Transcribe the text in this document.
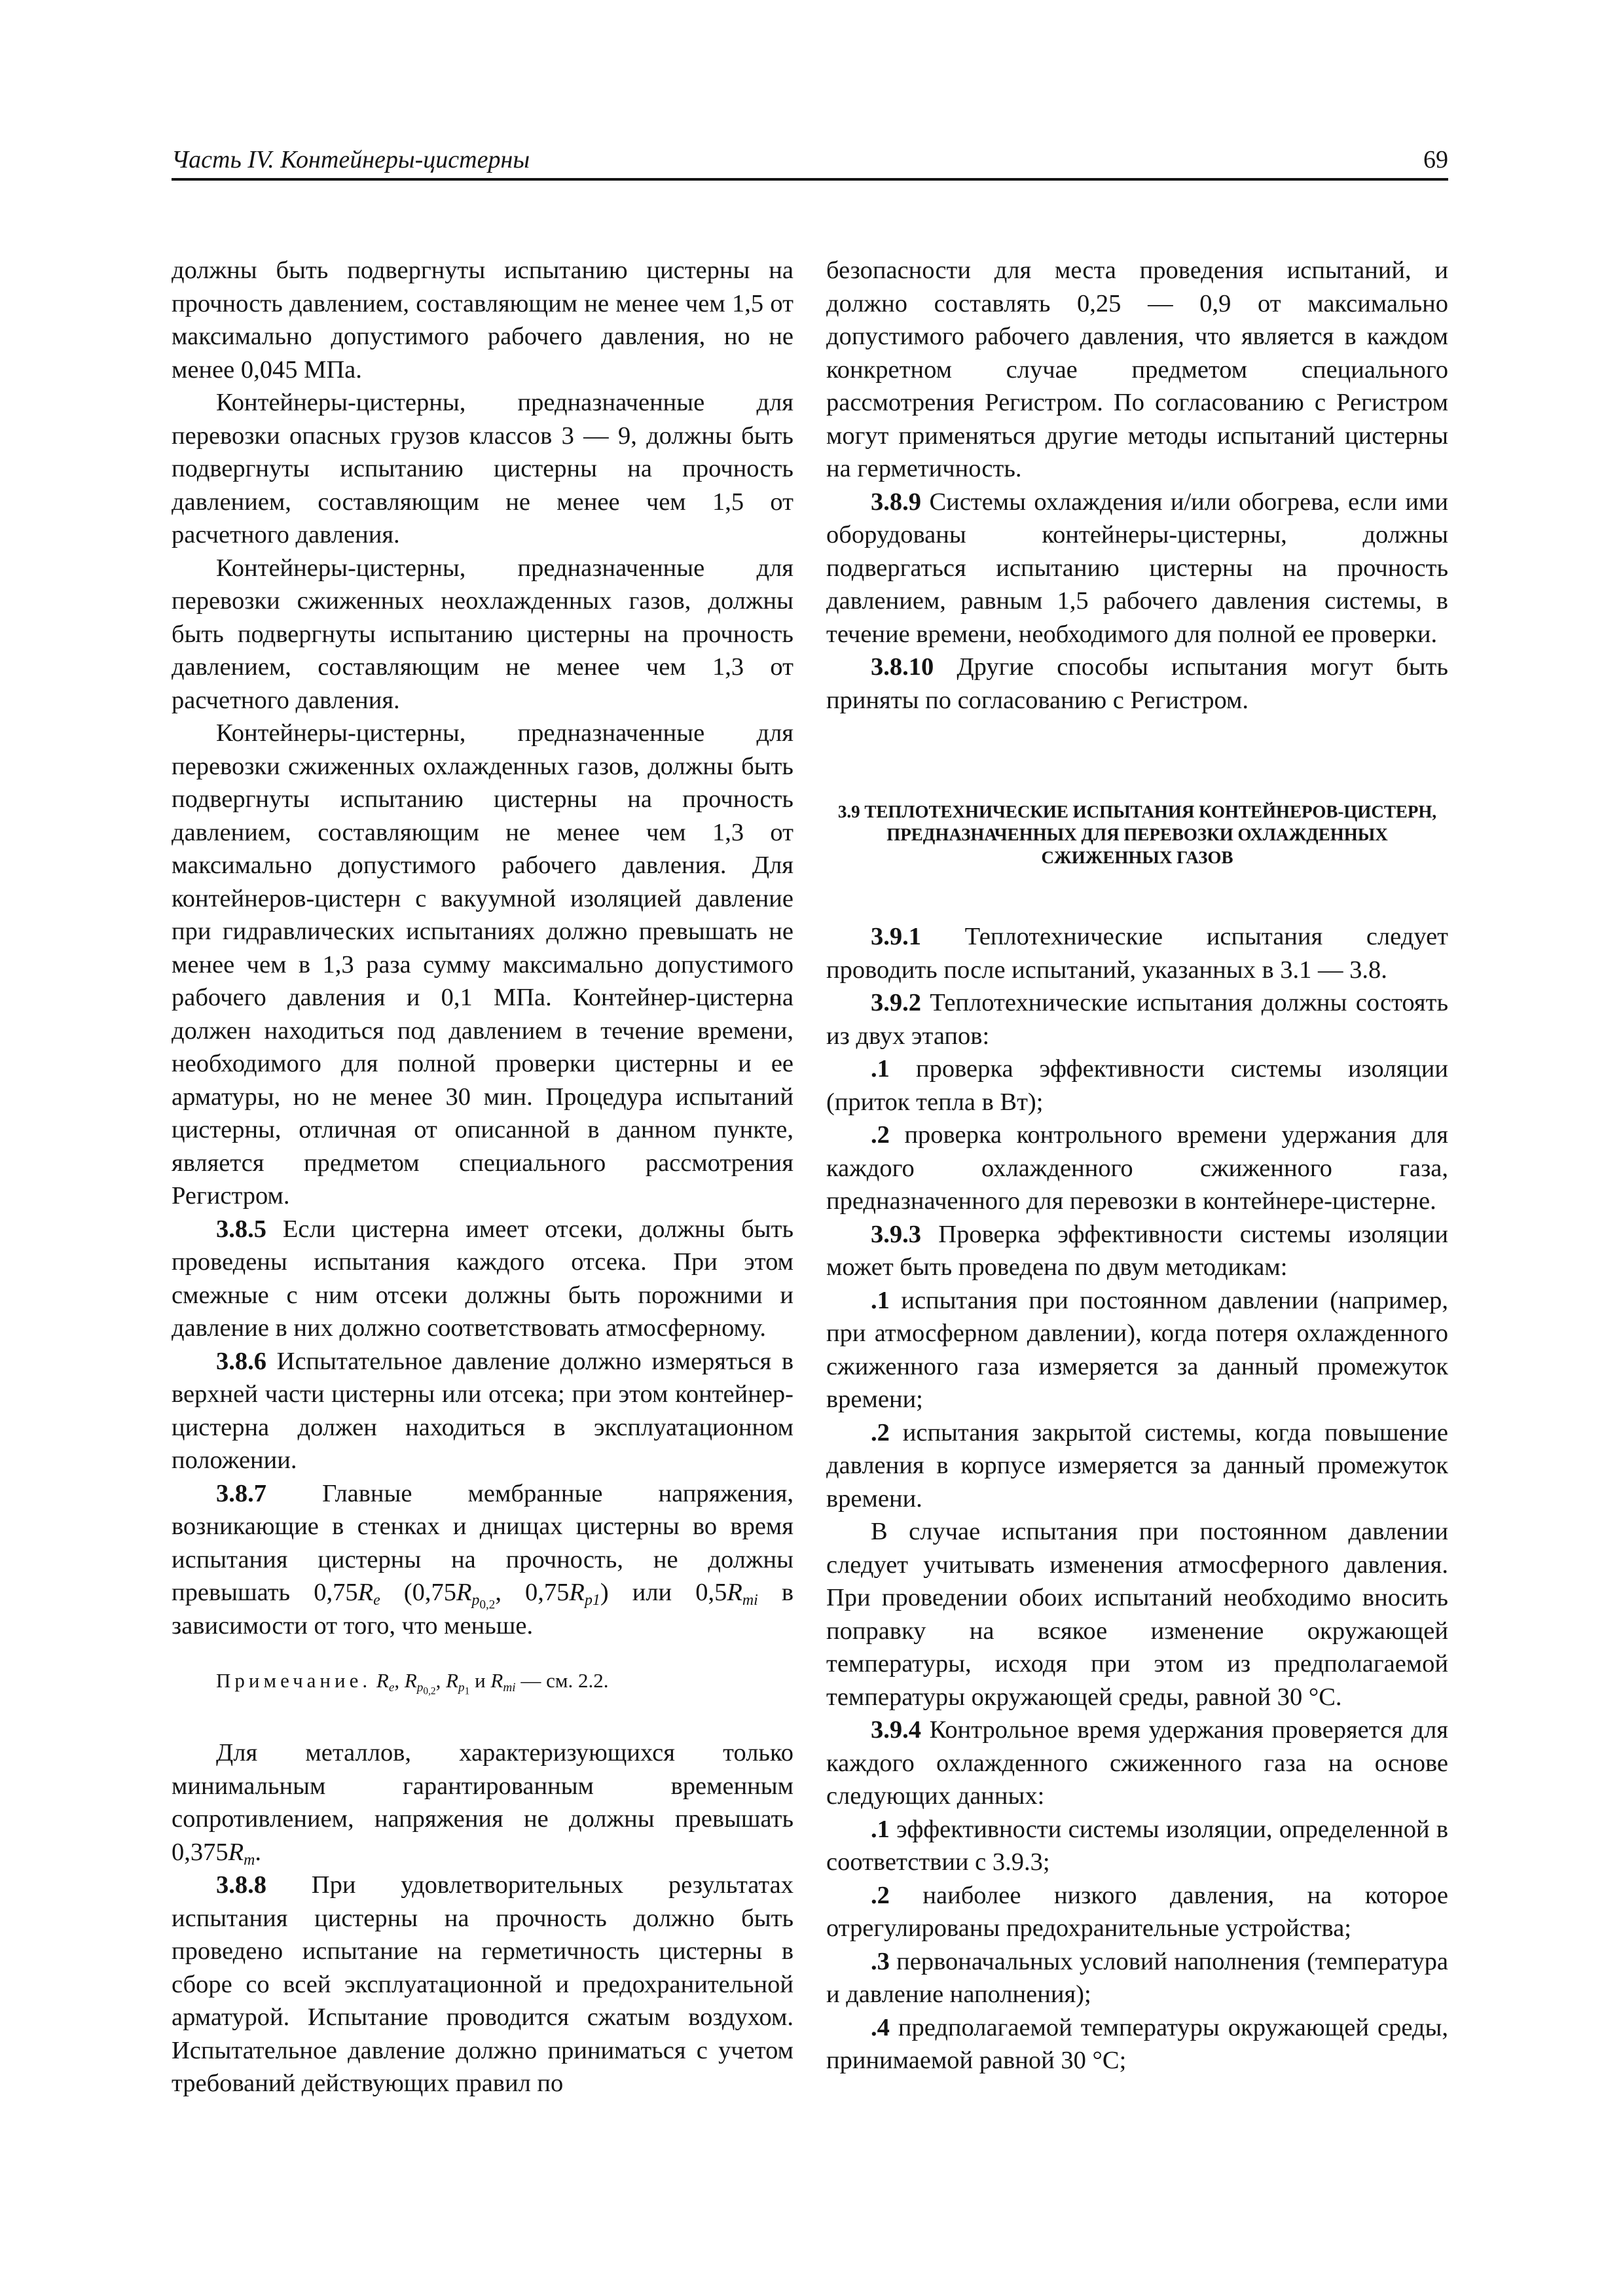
Часть IV. Контейнеры-цистерны	69

должны быть подвергнуты испытанию цистерны на прочность давлением, составляющим не менее чем 1,5 от максимально допустимого рабочего давления, но не менее 0,045 МПа.

Контейнеры-цистерны, предназначенные для перевозки опасных грузов классов 3 — 9, должны быть подвергнуты испытанию цистерны на прочность давлением, составляющим не менее чем 1,5 от расчетного давления.

Контейнеры-цистерны, предназначенные для перевозки сжиженных неохлажденных газов, должны быть подвергнуты испытанию цистерны на прочность давлением, составляющим не менее чем 1,3 от расчетного давления.

Контейнеры-цистерны, предназначенные для перевозки сжиженных охлажденных газов, должны быть подвергнуты испытанию цистерны на прочность давлением, составляющим не менее чем 1,3 от максимально допустимого рабочего давления. Для контейнеров-цистерн с вакуумной изоляцией давление при гидравлических испытаниях должно превышать не менее чем в 1,3 раза сумму максимально допустимого рабочего давления и 0,1 МПа. Контейнер-цистерна должен находиться под давлением в течение времени, необходимого для полной проверки цистерны и ее арматуры, но не менее 30 мин. Процедура испытаний цистерны, отличная от описанной в данном пункте, является предметом специального рассмотрения Регистром.

3.8.5 Если цистерна имеет отсеки, должны быть проведены испытания каждого отсека. При этом смежные с ним отсеки должны быть порожними и давление в них должно соответствовать атмосферному.

3.8.6 Испытательное давление должно измеряться в верхней части цистерны или отсека; при этом контейнер-цистерна должен находиться в эксплуатационном положении.

3.8.7 Главные мембранные напряжения, возникающие в стенках и днищах цистерны во время испытания цистерны на прочность, не должны превышать $0,75R_e$ ($0,75R_{p_{0,2}}$, $0,75R_{p1}$) или $0,5R_{mi}$ в зависимости от того, что меньше.

Примечание. $R_e$, $R_{p_{0,2}}$, $R_{p_1}$ и $R_{mi}$ — см. 2.2.

Для металлов, характеризующихся только минимальным гарантированным временным сопротивлением, напряжения не должны превышать $0,375R_m$.

3.8.8 При удовлетворительных результатах испытания цистерны на прочность должно быть проведено испытание на герметичность цистерны в сборе со всей эксплуатационной и предохранительной арматурой. Испытание проводится сжатым воздухом. Испытательное давление должно приниматься с учетом требований действующих правил по

безопасности для места проведения испытаний, и должно составлять 0,25 — 0,9 от максимально допустимого рабочего давления, что является в каждом конкретном случае предметом специального рассмотрения Регистром. По согласованию с Регистром могут применяться другие методы испытаний цистерны на герметичность.

3.8.9 Системы охлаждения и/или обогрева, если ими оборудованы контейнеры-цистерны, должны подвергаться испытанию цистерны на прочность давлением, равным 1,5 рабочего давления системы, в течение времени, необходимого для полной ее проверки.

3.8.10 Другие способы испытания могут быть приняты по согласованию с Регистром.

3.9 ТЕПЛОТЕХНИЧЕСКИЕ ИСПЫТАНИЯ КОНТЕЙНЕРОВ-ЦИСТЕРН, ПРЕДНАЗНАЧЕННЫХ ДЛЯ ПЕРЕВОЗКИ ОХЛАЖДЕННЫХ СЖИЖЕННЫХ ГАЗОВ

3.9.1 Теплотехнические испытания следует проводить после испытаний, указанных в 3.1 — 3.8.

3.9.2 Теплотехнические испытания должны состоять из двух этапов:

.1 проверка эффективности системы изоляции (приток тепла в Вт);

.2 проверка контрольного времени удержания для каждого охлажденного сжиженного газа, предназначенного для перевозки в контейнере-цистерне.

3.9.3 Проверка эффективности системы изоляции может быть проведена по двум методикам:

.1 испытания при постоянном давлении (например, при атмосферном давлении), когда потеря охлажденного сжиженного газа измеряется за данный промежуток времени;

.2 испытания закрытой системы, когда повышение давления в корпусе измеряется за данный промежуток времени.

В случае испытания при постоянном давлении следует учитывать изменения атмосферного давления. При проведении обоих испытаний необходимо вносить поправку на всякое изменение окружающей температуры, исходя при этом из предполагаемой температуры окружающей среды, равной 30 °С.

3.9.4 Контрольное время удержания проверяется для каждого охлажденного сжиженного газа на основе следующих данных:

.1 эффективности системы изоляции, определенной в соответствии с 3.9.3;

.2 наиболее низкого давления, на которое отрегулированы предохранительные устройства;

.3 первоначальных условий наполнения (температура и давление наполнения);

.4 предполагаемой температуры окружающей среды, принимаемой равной 30 °С;
